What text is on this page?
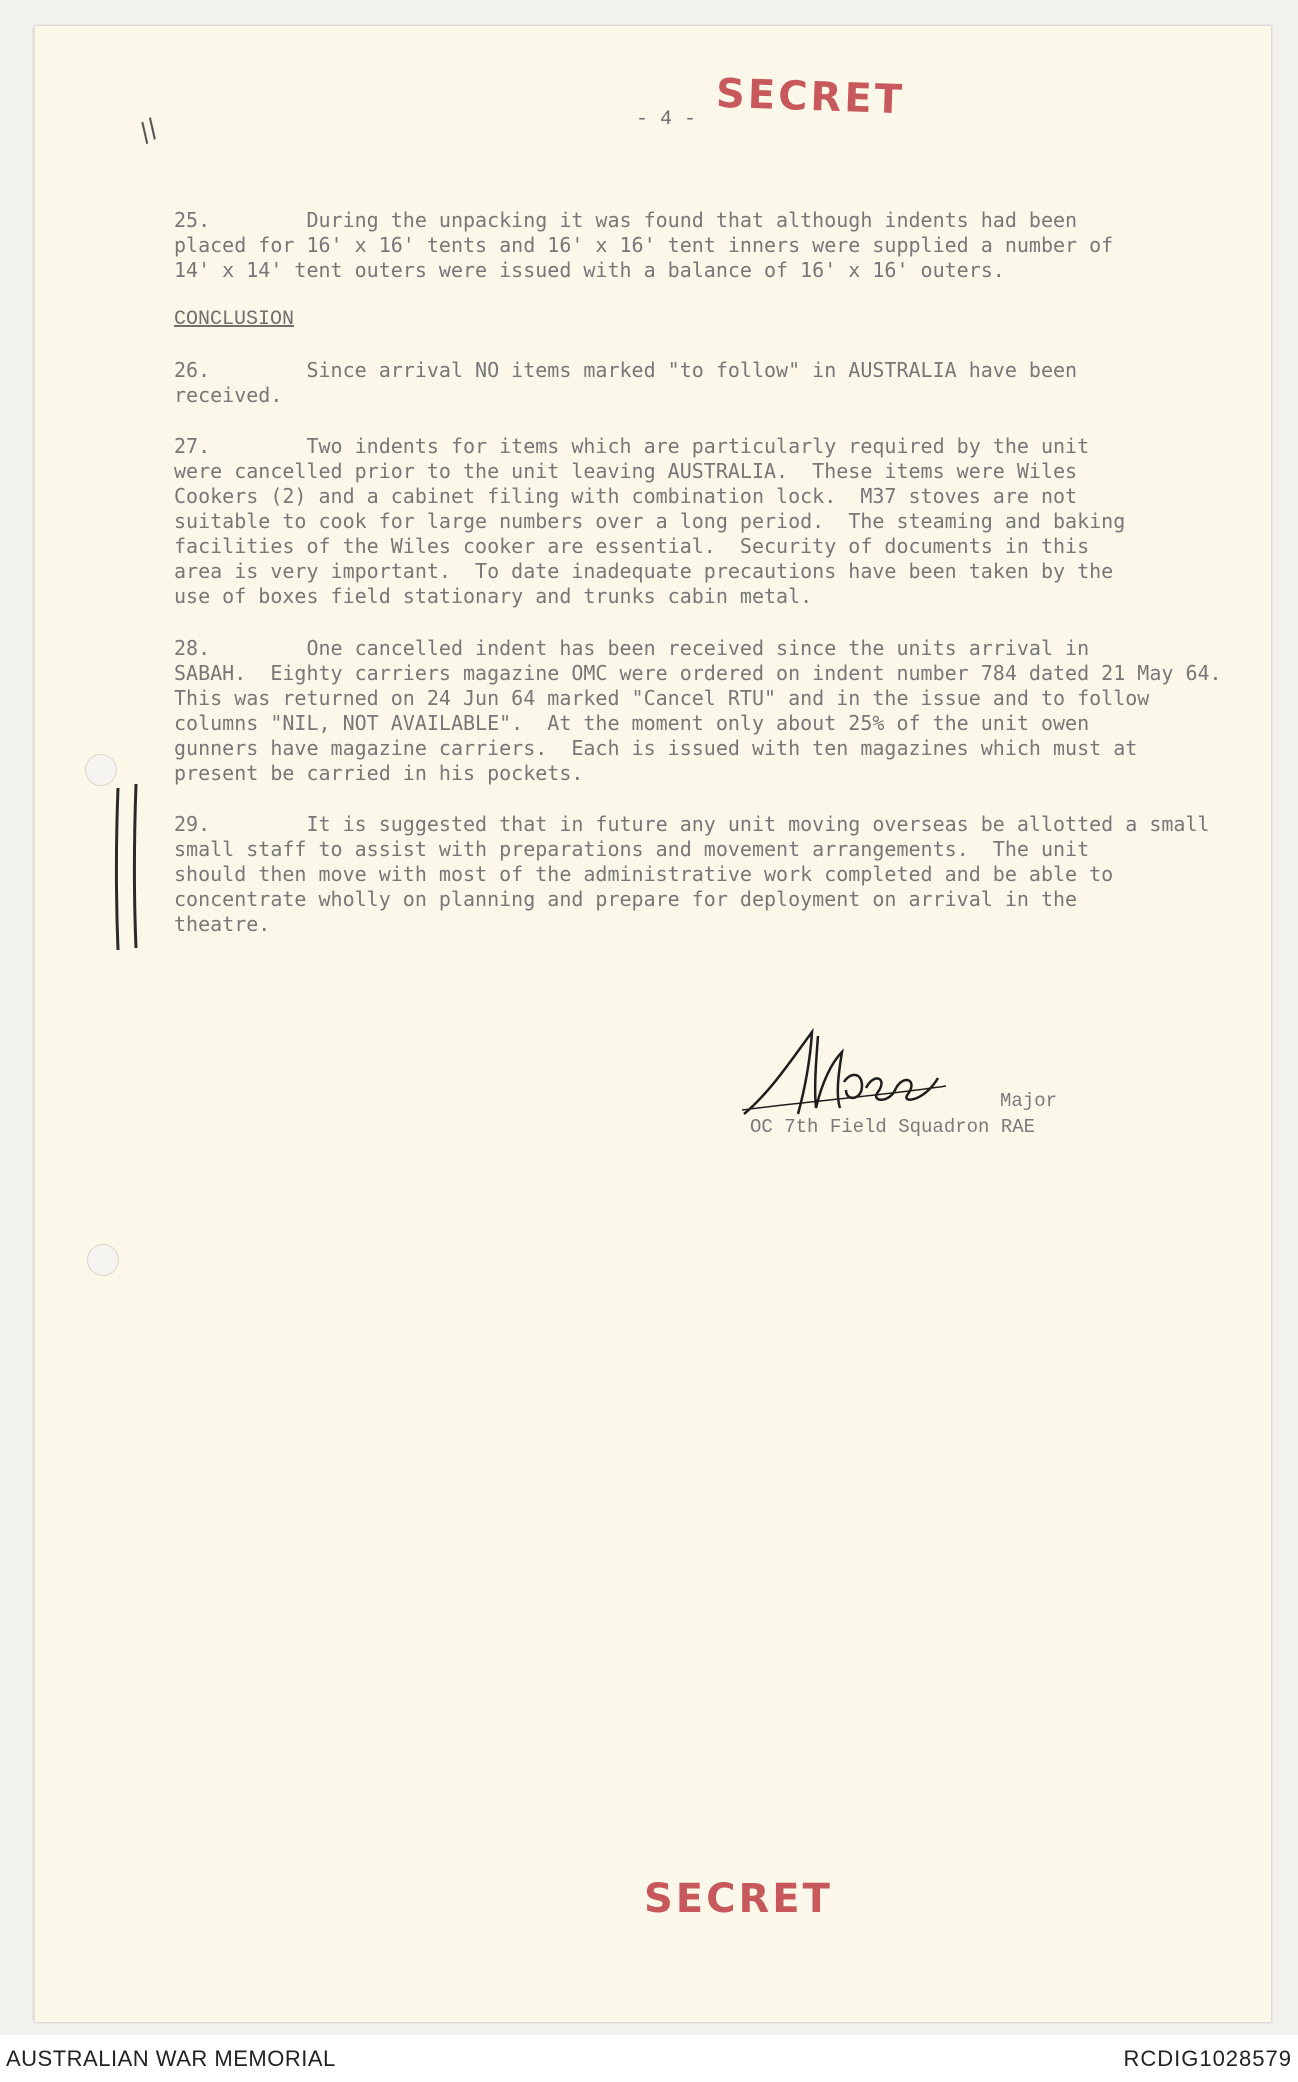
//	- 4 - SECRET
25.        During the unpacking it was found that although indents had been
placed for 16' x 16' tents and 16' x 16' tent inners were supplied a number of
14' x 14' tent outers were issued with a balance of 16' x 16' outers.
CONCLUSION
26.        Since arrival NO items marked "to follow" in AUSTRALIA have been
received.
27.        Two indents for items which are particularly required by the unit
were cancelled prior to the unit leaving AUSTRALIA.  These items were Wiles
Cookers (2) and a cabinet filing with combination lock.  M37 stoves are not
suitable to cook for large numbers over a long period.  The steaming and baking
facilities of the Wiles cooker are essential.  Security of documents in this
area is very important.  To date inadequate precautions have been taken by the
use of boxes field stationary and trunks cabin metal.
28.        One cancelled indent has been received since the units arrival in
SABAH.  Eighty carriers magazine OMC were ordered on indent number 784 dated 21 May 64.
This was returned on 24 Jun 64 marked "Cancel RTU" and in the issue and to follow
columns "NIL, NOT AVAILABLE".  At the moment only about 25% of the unit owen
gunners have magazine carriers.  Each is issued with ten magazines which must at
present be carried in his pockets.
29.        It is suggested that in future any unit moving overseas be allotted a small
small staff to assist with preparations and movement arrangements.  The unit
should then move with most of the administrative work completed and be able to
concentrate wholly on planning and prepare for deployment on arrival in the
theatre.
Major
OC 7th Field Squadron RAE
SECRET
AUSTRALIAN WAR MEMORIAL	RCDIG1028579
